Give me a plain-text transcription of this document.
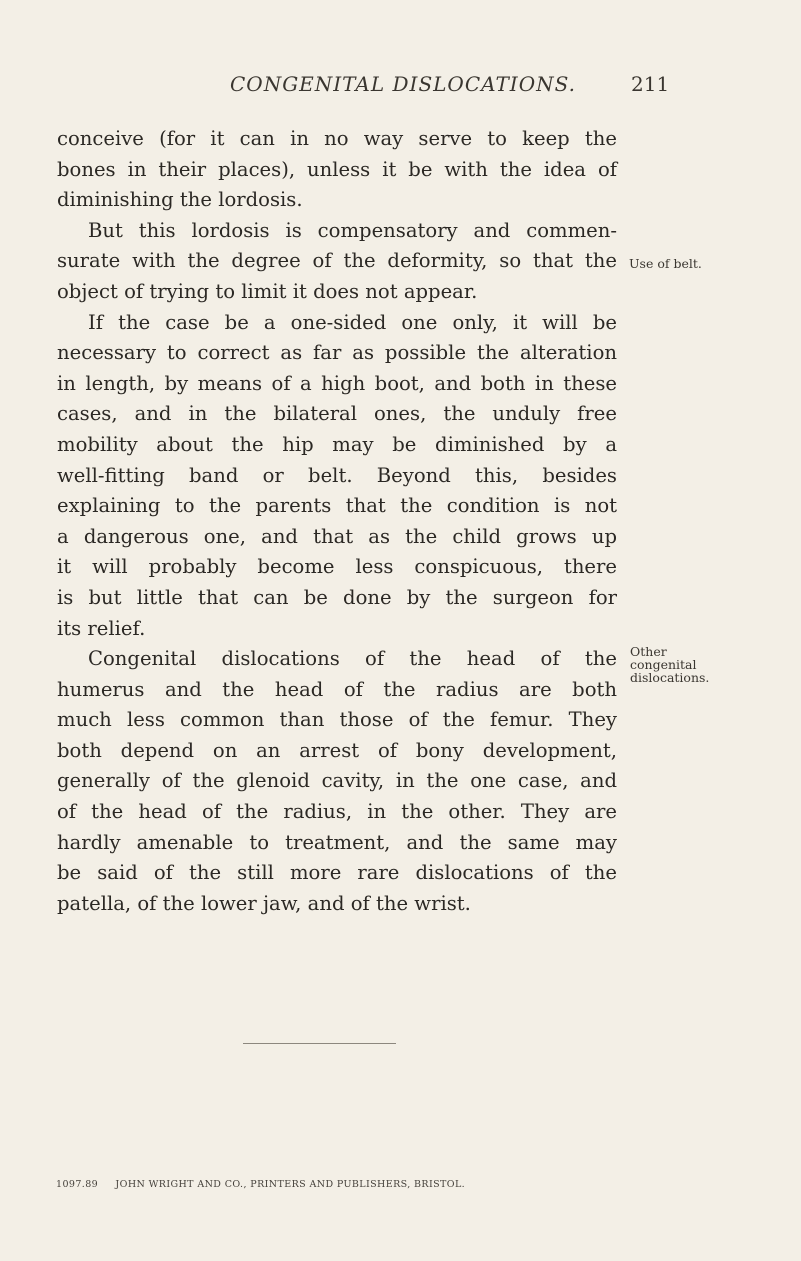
CONGENITAL DISLOCATIONS.	211
conceive (for it can in no way serve to keep the
bones in their places), unless it be with the idea of
diminishing the lordosis.
But this lordosis is compensatory and commen-
surate with the degree of the deformity, so that the
object of trying to limit it does not appear.
If the case be a one-sided one only, it will be
necessary to correct as far as possible the alteration
in length, by means of a high boot, and both in these
cases, and in the bilateral ones, the unduly free
mobility about the hip may be diminished by a
well-fitting band or belt. Beyond this, besides
explaining to the parents that the condition is not
a dangerous one, and that as the child grows up
it will probably become less conspicuous, there
is but little that can be done by the surgeon for
its relief.
Congenital dislocations of the head of the
humerus and the head of the radius are both
much less common than those of the femur. They
both depend on an arrest of bony development,
generally of the glenoid cavity, in the one case, and
of the head of the radius, in the other. They are
hardly amenable to treatment, and the same may
be said of the still more rare dislocations of the
patella, of the lower jaw, and of the wrist.
Use of belt.
Other
congenital
dislocations.
1097.89 JOHN WRIGHT AND CO., PRINTERS AND PUBLISHERS, BRISTOL.
